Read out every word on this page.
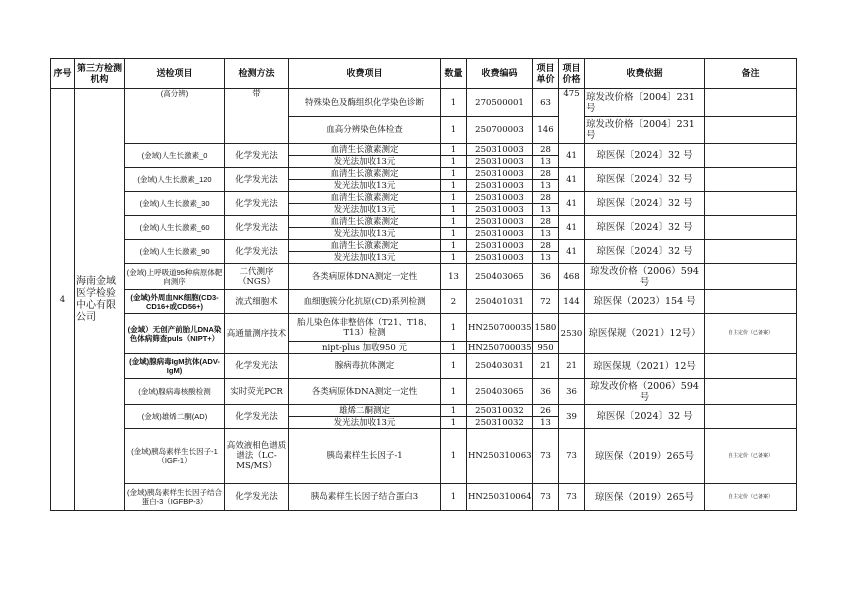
序号	第三方检测机构	送检项目	检测方法	收费项目	数量	收费编码	项目单价	项目价格	收费依据	备注
4	海南金域医学检验中心有限公司	(高分辨)	带	特殊染色及酶组织化学染色诊断	1	270500001	63	475	琼发改价格〔2004〕231号	
				血高分辨染色体检查	1	250700003	146		琼发改价格〔2004〕231号	
		(金域)人生长激素_0	化学发光法	血清生长激素测定	1	250310003	28	41	琼医保〔2024〕32 号	
				发光法加收13元	1	250310003	13			
		(金域)人生长激素_120	化学发光法	血清生长激素测定	1	250310003	28	41	琼医保〔2024〕32 号	
				发光法加收13元	1	250310003	13			
		(金域)人生长激素_30	化学发光法	血清生长激素测定	1	250310003	28	41	琼医保〔2024〕32 号	
				发光法加收13元	1	250310003	13			
		(金域)人生长激素_60	化学发光法	血清生长激素测定	1	250310003	28	41	琼医保〔2024〕32 号	
				发光法加收13元	1	250310003	13			
		(金域)人生长激素_90	化学发光法	血清生长激素测定	1	250310003	28	41	琼医保〔2024〕32 号	
				发光法加收13元	1	250310003	13			
		(金域)上呼吸道95种病原体靶向测序	二代测序（NGS）	各类病原体DNA测定一定性	13	250403065	36	468	琼发改价格（2006）594号	
		(金域)外周血NK细胞(CD3-CD16+或CD56+)	流式细胞术	血细胞簇分化抗原(CD)系列检测	2	250401031	72	144	琼医保（2023）154 号	
		(金域）无创产前胎儿DNA染色体病筛查puls（NIPT+）	高通量测序技术	胎儿染色体非整倍体（T21、T18、T13）检测	1	HN250700035	1580	2530	琼医保规（2021）12号）	自主定价（已备案）
				nipt-plus 加收950 元	1	HN250700035	950			
		(金域)腺病毒IgM抗体(ADV-IgM)	化学发光法	腺病毒抗体测定	1	250403031	21	21	琼医保规（2021）12号	
		(金域)腺病毒核酸检测	实时荧光PCR	各类病原体DNA测定一定性	1	250403065	36	36	琼发改价格（2006）594号	
		(金域)雄烯二酮(AD)	化学发光法	雄烯二酮测定	1	250310032	26	39	琼医保〔2024〕32 号	
				发光法加收13元	1	250310032	13			
		(金域)胰岛素样生长因子-1（IGF-1）	高效液相色谱质谱法（LC-MS/MS）	胰岛素样生长因子-1	1	HN250310063	73	73	琼医保（2019）265号	自主定价（已备案）
		(金域)胰岛素样生长因子结合蛋白-3（IGFBP-3）	化学发光法	胰岛素样生长因子结合蛋白3	1	HN250310064	73	73	琼医保（2019）265号	自主定价（已备案）
